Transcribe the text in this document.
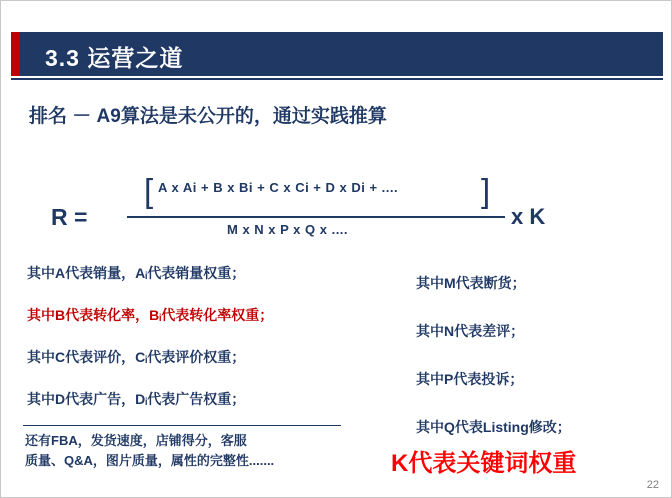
3.3 运营之道
排名 － A9算法是未公开的，通过实践推算
R =
[	]
A x Ai + B x Bi + C x Ci + D x Di + ....
M x N x P x Q x ....
x K
其中A代表销量，Aᵢ代表销量权重；
其中B代表转化率，Bᵢ代表转化率权重；
其中C代表评价，Cᵢ代表评价权重；
其中D代表广告，Dᵢ代表广告权重；
其中M代表断货；
其中N代表差评；
其中P代表投诉；
其中Q代表Listing修改；
还有FBA，发货速度，店铺得分，客服
质量、Q&A，图片质量，属性的完整性.......	K代表关键词权重
22
